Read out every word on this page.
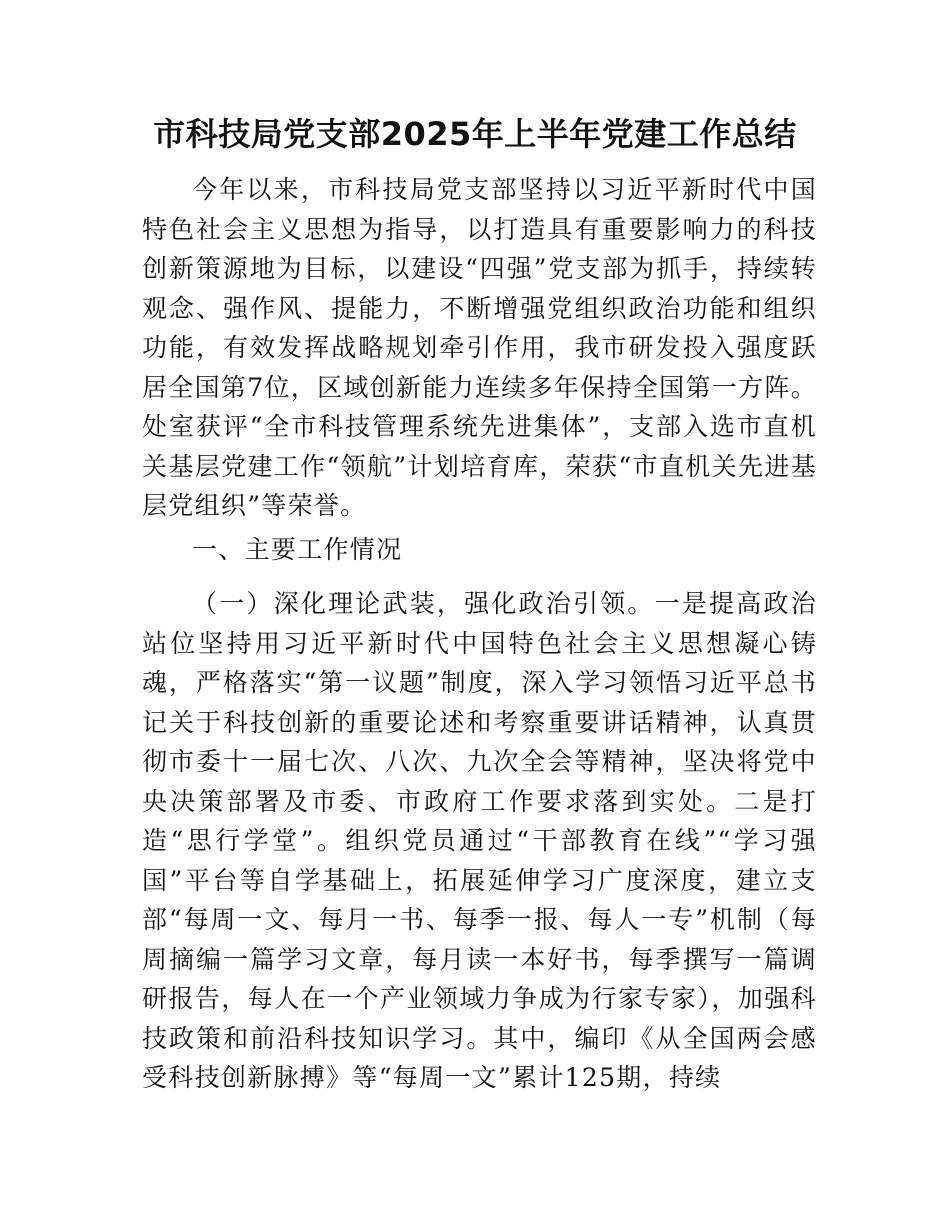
市科技局党支部2025年上半年党建工作总结

今年以来，市科技局党支部坚持以习近平新时代中国特色社会主义思想为指导，以打造具有重要影响力的科技创新策源地为目标，以建设“四强”党支部为抓手，持续转观念、强作风、提能力，不断增强党组织政治功能和组织功能，有效发挥战略规划牵引作用，我市研发投入强度跃居全国第7位，区域创新能力连续多年保持全国第一方阵。处室获评“全市科技管理系统先进集体”，支部入选市直机关基层党建工作“领航”计划培育库，荣获“市直机关先进基层党组织”等荣誉。

一、主要工作情况

（一）深化理论武装，强化政治引领。一是提高政治站位坚持用习近平新时代中国特色社会主义思想凝心铸魂，严格落实“第一议题”制度，深入学习领悟习近平总书记关于科技创新的重要论述和考察重要讲话精神，认真贯彻市委十一届七次、八次、九次全会等精神，坚决将党中央决策部署及市委、市政府工作要求落到实处。二是打造“思行学堂”。组织党员通过“干部教育在线”“学习强国”平台等自学基础上，拓展延伸学习广度深度，建立支部“每周一文、每月一书、每季一报、每人一专”机制（每周摘编一篇学习文章，每月读一本好书，每季撰写一篇调研报告，每人在一个产业领域力争成为行家专家），加强科技政策和前沿科技知识学习。其中，编印《从全国两会感受科技创新脉搏》等“每周一文”累计125期，持续
